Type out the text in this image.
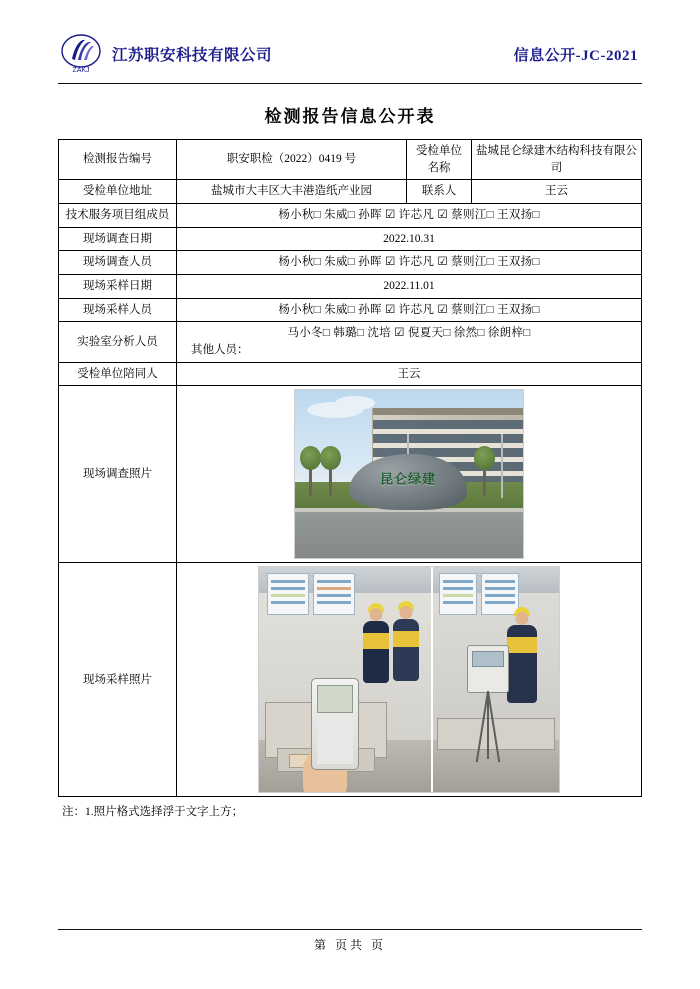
ZAKJ
江苏职安科技有限公司	信息公开-JC-2021
检测报告信息公开表
检测报告编号	职安职检（2022）0419 号	受检单位名称	盐城昆仑绿建木结构科技有限公司
受检单位地址	盐城市大丰区大丰港造纸产业园	联系人	王云
技术服务项目组成员	杨小秋□ 朱威□ 孙晖 ☑ 许芯凡 ☑ 蔡则江□ 王双扬□		

现场调查日期	2022.10.31		
现场调查人员	杨小秋□ 朱威□ 孙晖 ☑ 许芯凡 ☑ 蔡则江□ 王双扬□		

现场采样日期	2022.11.01		
现场采样人员	杨小秋□ 朱威□ 孙晖 ☑ 许芯凡 ☑ 蔡则江□ 王双扬□		

实验室分析人员	马小冬□ 韩璐□ 沈培 ☑ 倪夏天□ 徐然□ 徐朗梓□
其他人员：		

受检单位陪同人	王云		
现场调查照片	昆仑绿建		

现场采样照片			
注：1.照片格式选择浮于文字上方；
第 页共 页
